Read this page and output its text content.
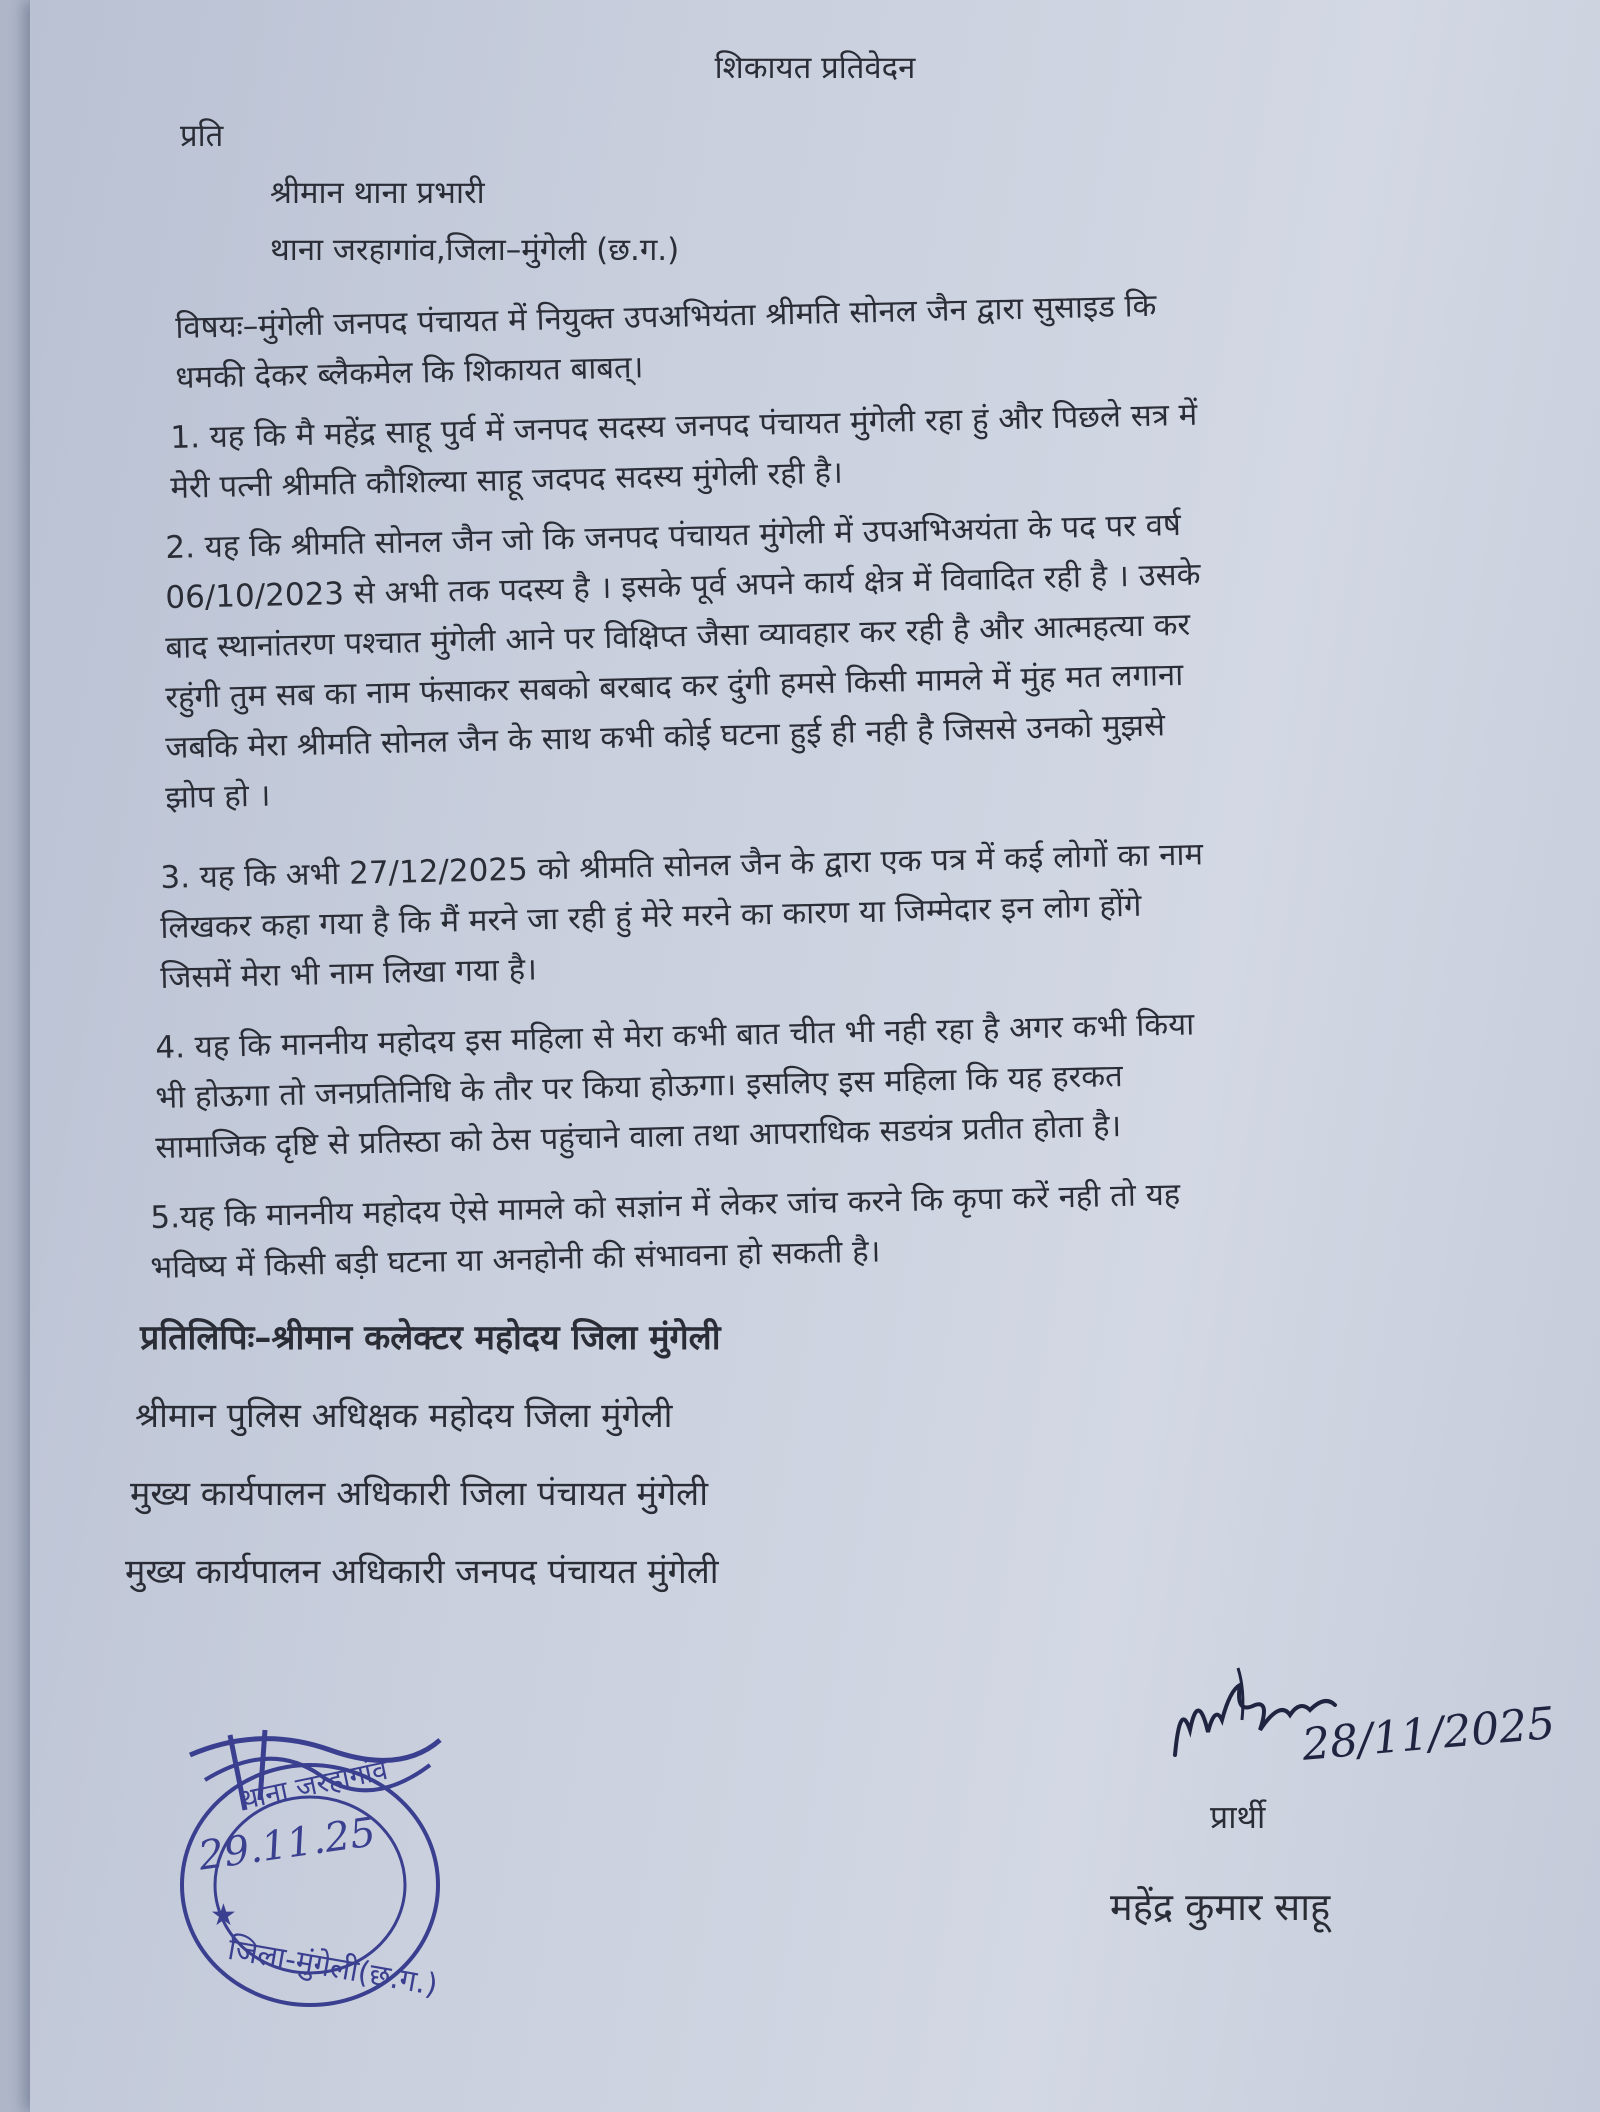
शिकायत प्रतिवेदन
प्रति
श्रीमान थाना प्रभारी
थाना जरहागांव,जिला–मुंगेली (छ.ग.)
विषयः–मुंगेली जनपद पंचायत में नियुक्त उपअभियंता श्रीमति सोनल जैन द्वारा सुसाइड कि
धमकी देकर ब्लैकमेल कि शिकायत बाबत्।
1. यह कि मै महेंद्र साहू पुर्व में जनपद सदस्य जनपद पंचायत मुंगेली रहा हुं और पिछले सत्र में
मेरी पत्नी श्रीमति कौशिल्या साहू जदपद सदस्य मुंगेली रही है।
2. यह कि श्रीमति सोनल जैन जो कि जनपद पंचायत मुंगेली में उपअभिअयंता के पद पर वर्ष
06/10/2023 से अभी तक पदस्य है । इसके पूर्व अपने कार्य क्षेत्र में विवादित रही है । उसके
बाद स्थानांतरण पश्चात मुंगेली आने पर विक्षिप्त जैसा व्यावहार कर रही है और आत्महत्या कर
रहुंगी तुम सब का नाम फंसाकर सबको बरबाद कर दुंगी हमसे किसी मामले में मुंह मत लगाना
जबकि मेरा श्रीमति सोनल जैन के साथ कभी कोई घटना हुई ही नही है जिससे उनको मुझसे
झोप हो ।
3. यह कि अभी 27/12/2025 को श्रीमति सोनल जैन के द्वारा एक पत्र में कई लोगों का नाम
लिखकर कहा गया है कि मैं मरने जा रही हुं मेरे मरने का कारण या जिम्मेदार इन लोग होंगे
जिसमें मेरा भी नाम लिखा गया है।
4. यह कि माननीय महोदय इस महिला से मेरा कभी बात चीत भी नही रहा है अगर कभी किया
भी होऊगा तो जनप्रतिनिधि के तौर पर किया होऊगा। इसलिए इस महिला कि यह हरकत
सामाजिक दृष्टि से प्रतिस्ठा को ठेस पहुंचाने वाला तथा आपराधिक सडयंत्र प्रतीत होता है।
5.यह कि माननीय महोदय ऐसे मामले को सज्ञांन में लेकर जांच करने कि कृपा करें नही तो यह
भविष्य में किसी बड़ी घटना या अनहोनी की संभावना हो सकती है।
प्रतिलिपिः–श्रीमान कलेक्टर महोदय जिला मुंगेली
श्रीमान पुलिस अधिक्षक महोदय जिला मुंगेली
मुख्य कार्यपालन अधिकारी जिला पंचायत मुंगेली
मुख्य कार्यपालन अधिकारी जनपद पंचायत मुंगेली
थाना जरहागांव
29.11.25
जिला-मुंगेली(छ.ग.)
★
28/11/2025
प्रार्थी
महेंद्र कुमार साहू
